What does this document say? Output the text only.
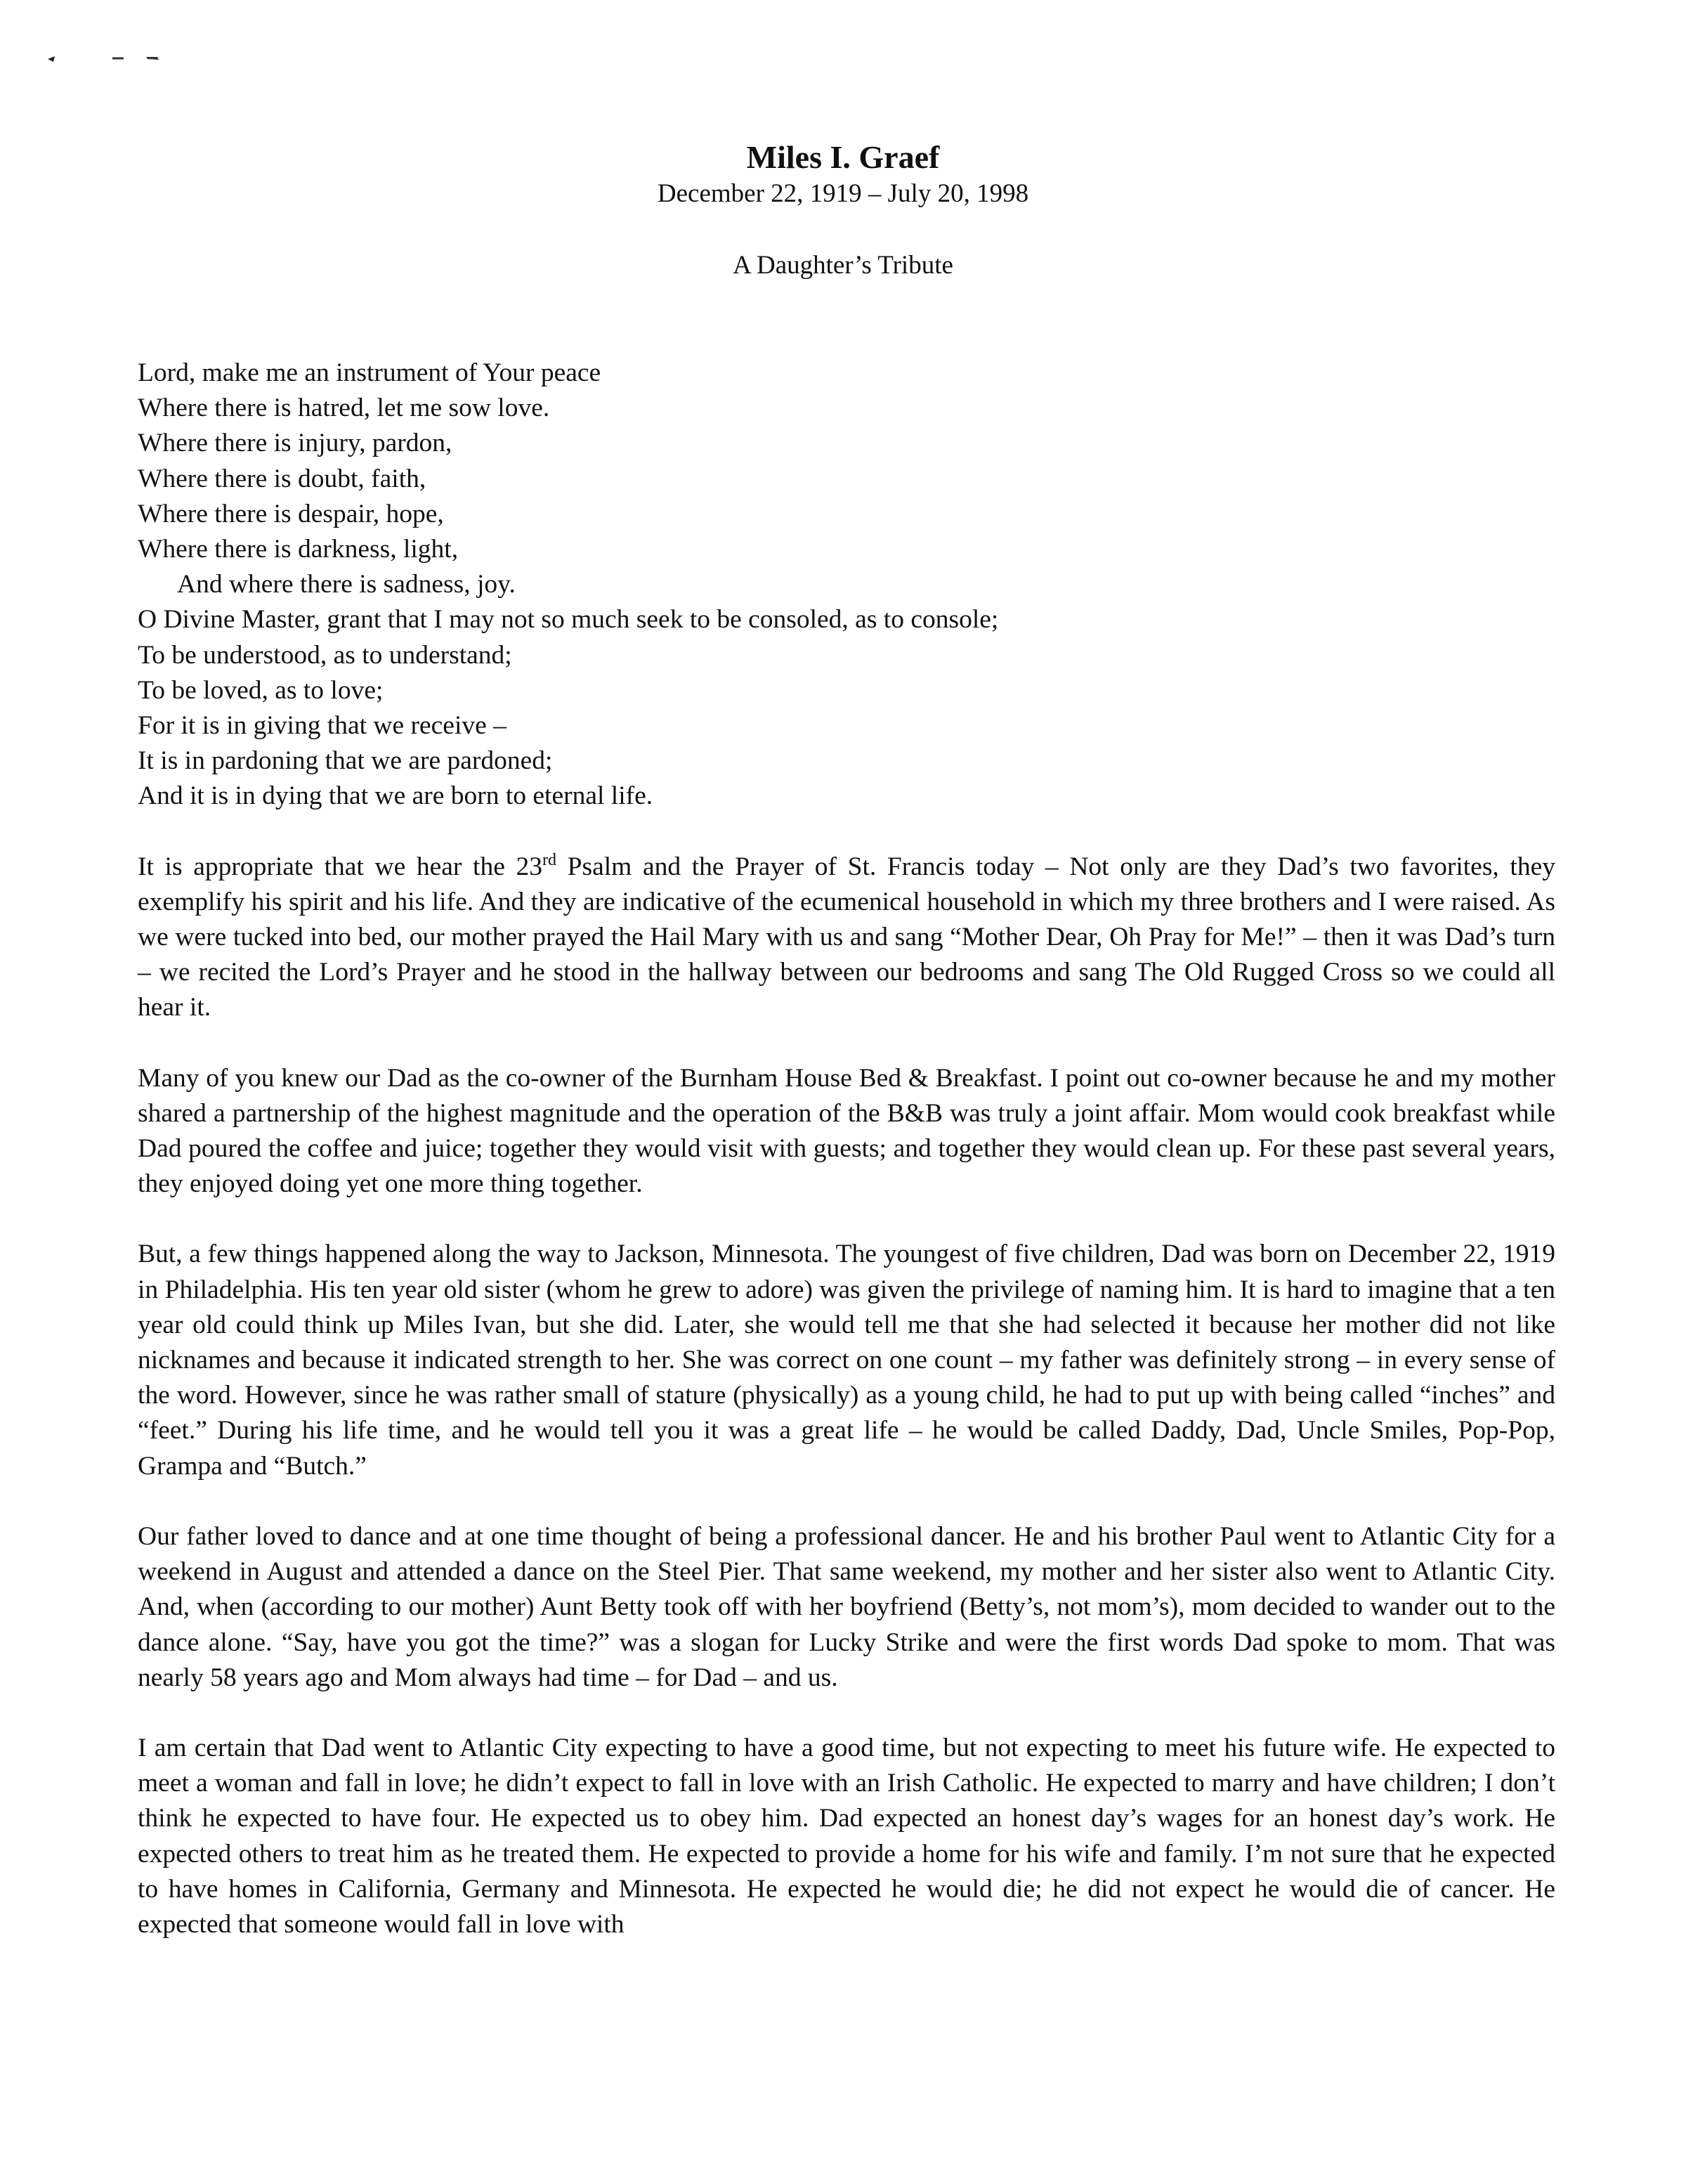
Miles I. Graef

December 22, 1919 – July 20, 1998

A Daughter’s Tribute

Lord, make me an instrument of Your peace
Where there is hatred, let me sow love.
Where there is injury, pardon,
Where there is doubt, faith,
Where there is despair, hope,
Where there is darkness, light,
And where there is sadness, joy.
O Divine Master, grant that I may not so much seek to be consoled, as to console;
To be understood, as to understand;
To be loved, as to love;
For it is in giving that we receive –
It is in pardoning that we are pardoned;
And it is in dying that we are born to eternal life.

It is appropriate that we hear the 23rd Psalm and the Prayer of St. Francis today – Not only are they Dad’s two favorites, they exemplify his spirit and his life. And they are indicative of the ecumenical household in which my three brothers and I were raised. As we were tucked into bed, our mother prayed the Hail Mary with us and sang “Mother Dear, Oh Pray for Me!” – then it was Dad’s turn – we recited the Lord’s Prayer and he stood in the hallway between our bedrooms and sang The Old Rugged Cross so we could all hear it.

Many of you knew our Dad as the co-owner of the Burnham House Bed & Breakfast. I point out co-owner because he and my mother shared a partnership of the highest magnitude and the operation of the B&B was truly a joint affair. Mom would cook breakfast while Dad poured the coffee and juice; together they would visit with guests; and together they would clean up. For these past several years, they enjoyed doing yet one more thing together.

But, a few things happened along the way to Jackson, Minnesota. The youngest of five children, Dad was born on December 22, 1919 in Philadelphia. His ten year old sister (whom he grew to adore) was given the privilege of naming him. It is hard to imagine that a ten year old could think up Miles Ivan, but she did. Later, she would tell me that she had selected it because her mother did not like nicknames and because it indicated strength to her. She was correct on one count – my father was definitely strong – in every sense of the word. However, since he was rather small of stature (physically) as a young child, he had to put up with being called “inches” and “feet.” During his life time, and he would tell you it was a great life – he would be called Daddy, Dad, Uncle Smiles, Pop-Pop, Grampa and “Butch.”

Our father loved to dance and at one time thought of being a professional dancer. He and his brother Paul went to Atlantic City for a weekend in August and attended a dance on the Steel Pier. That same weekend, my mother and her sister also went to Atlantic City. And, when (according to our mother) Aunt Betty took off with her boyfriend (Betty’s, not mom’s), mom decided to wander out to the dance alone. “Say, have you got the time?” was a slogan for Lucky Strike and were the first words Dad spoke to mom. That was nearly 58 years ago and Mom always had time – for Dad – and us.

I am certain that Dad went to Atlantic City expecting to have a good time, but not expecting to meet his future wife. He expected to meet a woman and fall in love; he didn’t expect to fall in love with an Irish Catholic. He expected to marry and have children; I don’t think he expected to have four. He expected us to obey him. Dad expected an honest day’s wages for an honest day’s work. He expected others to treat him as he treated them. He expected to provide a home for his wife and family. I’m not sure that he expected to have homes in California, Germany and Minnesota. He expected he would die; he did not expect he would die of cancer. He expected that someone would fall in love with
